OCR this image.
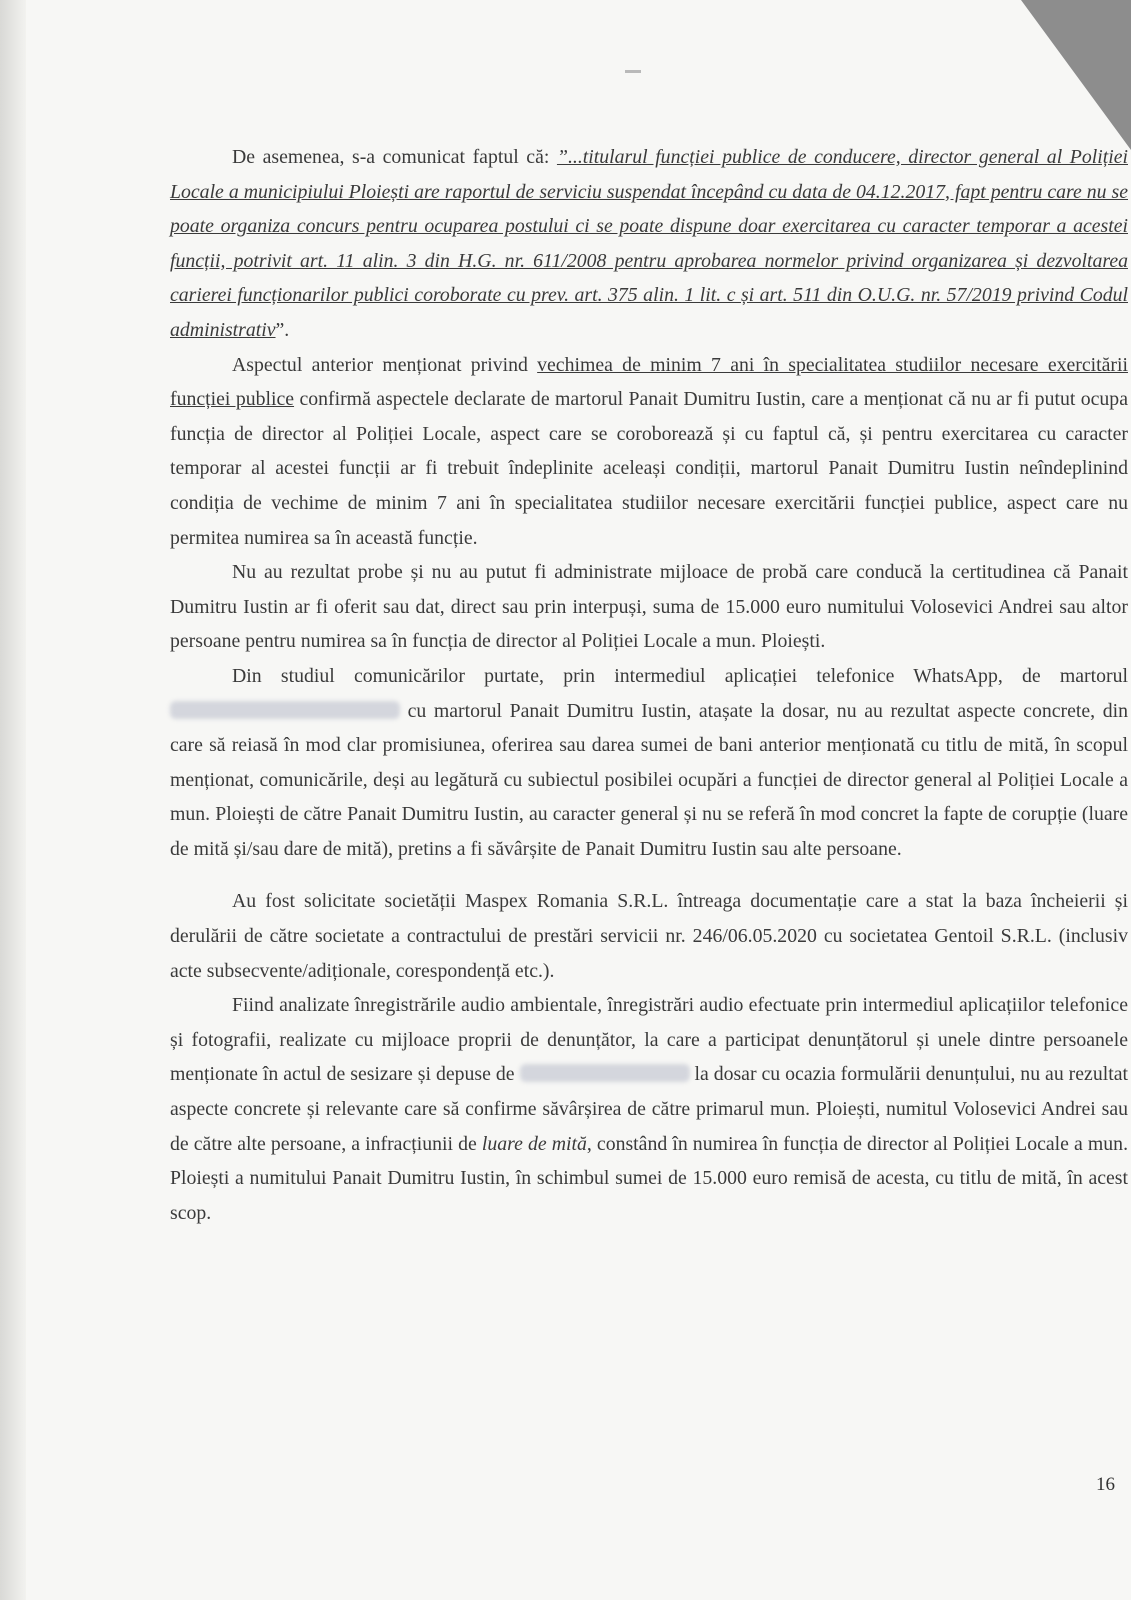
De asemenea, s-a comunicat faptul că: ”...titularul funcției publice de conducere, director general al Poliției Locale a municipiului Ploiești are raportul de serviciu suspendat începând cu data de 04.12.2017, fapt pentru care nu se poate organiza concurs pentru ocuparea postului ci se poate dispune doar exercitarea cu caracter temporar a acestei funcții, potrivit art. 11 alin. 3 din H.G. nr. 611/2008 pentru aprobarea normelor privind organizarea și dezvoltarea carierei funcționarilor publici coroborate cu prev. art. 375 alin. 1 lit. c și art. 511 din O.U.G. nr. 57/2019 privind Codul administrativ”.

Aspectul anterior menționat privind vechimea de minim 7 ani în specialitatea studiilor necesare exercitării funcției publice confirmă aspectele declarate de martorul Panait Dumitru Iustin, care a menționat că nu ar fi putut ocupa funcția de director al Poliției Locale, aspect care se coroborează și cu faptul că, și pentru exercitarea cu caracter temporar al acestei funcții ar fi trebuit îndeplinite aceleași condiții, martorul Panait Dumitru Iustin neîndeplinind condiția de vechime de minim 7 ani în specialitatea studiilor necesare exercitării funcției publice, aspect care nu permitea numirea sa în această funcție.

Nu au rezultat probe și nu au putut fi administrate mijloace de probă care conducă la certitudinea că Panait Dumitru Iustin ar fi oferit sau dat, direct sau prin interpuși, suma de 15.000 euro numitului Volosevici Andrei sau altor persoane pentru numirea sa în funcția de director al Poliției Locale a mun. Ploiești.

Din studiul comunicărilor purtate, prin intermediul aplicației telefonice WhatsApp, de martorul  cu martorul Panait Dumitru Iustin, atașate la dosar, nu au rezultat aspecte concrete, din care să reiasă în mod clar promisiunea, oferirea sau darea sumei de bani anterior menționată cu titlu de mită, în scopul menționat, comunicările, deși au legătură cu subiectul posibilei ocupări a funcției de director general al Poliției Locale a mun. Ploiești de către Panait Dumitru Iustin, au caracter general și nu se referă în mod concret la fapte de corupție (luare de mită și/sau dare de mită), pretins a fi săvârșite de Panait Dumitru Iustin sau alte persoane.

Au fost solicitate societății Maspex Romania S.R.L. întreaga documentație care a stat la baza încheierii și derulării de către societate a contractului de prestări servicii nr. 246/06.05.2020 cu societatea Gentoil S.R.L. (inclusiv acte subsecvente/adiționale, corespondență etc.).

Fiind analizate înregistrările audio ambientale, înregistrări audio efectuate prin intermediul aplicațiilor telefonice și fotografii, realizate cu mijloace proprii de denunțător, la care a participat denunțătorul și unele dintre persoanele menționate în actul de sesizare și depuse de	la dosar cu ocazia formulării denunțului, nu au rezultat aspecte concrete și relevante care să confirme săvârșirea de către primarul mun. Ploiești, numitul Volosevici Andrei sau de către alte persoane, a infracțiunii de luare de mită, constând în numirea în funcția de director al Poliției Locale a mun. Ploiești a numitului Panait Dumitru Iustin, în schimbul sumei de 15.000 euro remisă de acesta, cu titlu de mită, în acest scop.

16
